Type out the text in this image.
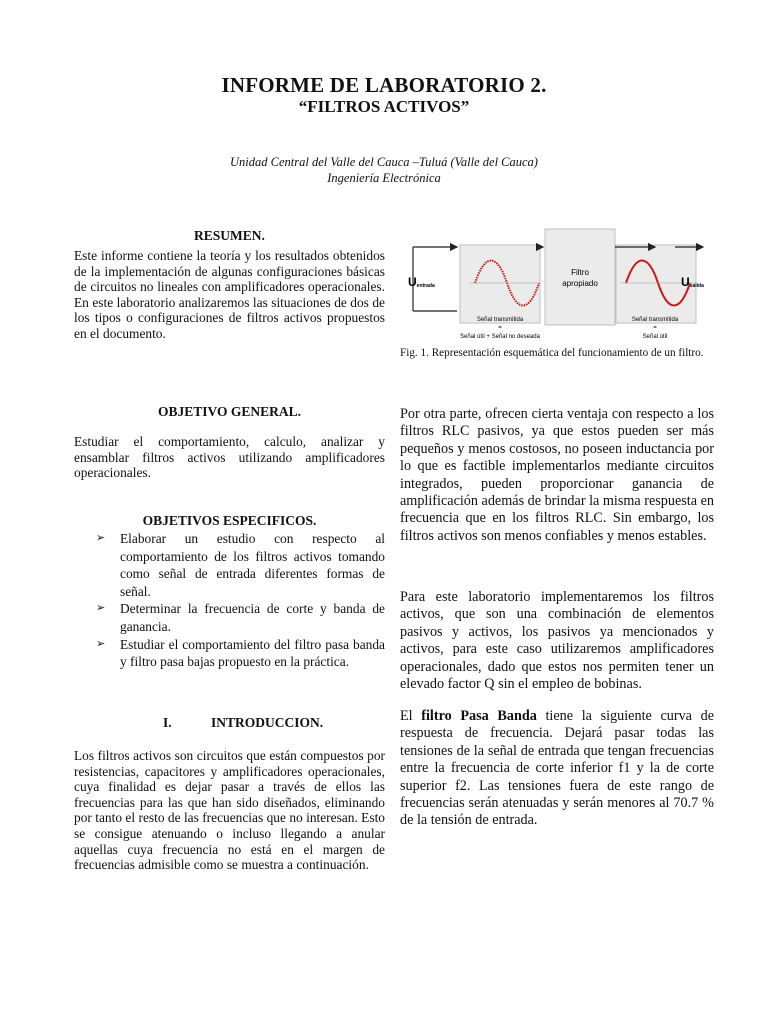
INFORME DE LABORATORIO 2.
“FILTROS ACTIVOS”
Unidad Central del Valle del Cauca –Tuluá (Valle del Cauca)
Ingeniería Electrónica
RESUMEN.

Este informe contiene la teoría y los resultados obtenidos de la implementación de algunas configuraciones básicas de circuitos no lineales con amplificadores operacionales. En este laboratorio analizaremos las situaciones de dos de los tipos o configuraciones de filtros activos propuestos en el documento.

OBJETIVO GENERAL.

Estudiar el comportamiento, calculo, analizar y ensamblar filtros activos utilizando amplificadores operacionales.

OBJETIVOS ESPECIFICOS.
➢ Elaborar un estudio con respecto al comportamiento de los filtros activos tomando como señal de entrada diferentes formas de señal.
➢ Determinar la frecuencia de corte y banda de ganancia.
➢ Estudiar el comportamiento del filtro pasa banda y filtro pasa bajas propuesto en la práctica.
I.	INTRODUCCION.

Los filtros activos son circuitos que están compuestos por resistencias, capacitores y amplificadores operacionales, cuya finalidad es dejar pasar a través de ellos las frecuencias para las que han sido diseñados, eliminando por tanto el resto de las frecuencias que no interesan. Esto se consigue atenuando o incluso llegando a anular aquellas cuya frecuencia no está en el margen de frecuencias admisible como se muestra a continuación.

Uentrada	Usalida
Filtro
apropiado
Señal transmitida
=
Señal útil + Señal no deseada
Señal transmitida
=
Señal útil
Fig. 1. Representación esquemática del funcionamiento de un filtro.

Por otra parte, ofrecen cierta ventaja con respecto a los filtros RLC pasivos, ya que estos pueden ser más pequeños y menos costosos, no poseen inductancia por lo que es factible implementarlos mediante circuitos integrados, pueden proporcionar ganancia de amplificación además de brindar la misma respuesta en frecuencia que en los filtros RLC. Sin embargo, los filtros activos son menos confiables y menos estables.

Para este laboratorio implementaremos los filtros activos, que son una combinación de elementos pasivos y activos, los pasivos ya mencionados y activos, para este caso utilizaremos amplificadores operacionales, dado que estos nos permiten tener un elevado factor Q sin el empleo de bobinas.

El filtro Pasa Banda tiene la siguiente curva de respuesta de frecuencia. Dejará pasar todas las tensiones de la señal de entrada que tengan frecuencias entre la frecuencia de corte inferior f1 y la de corte superior f2. Las tensiones fuera de este rango de frecuencias serán atenuadas y serán menores al 70.7 % de la tensión de entrada.
